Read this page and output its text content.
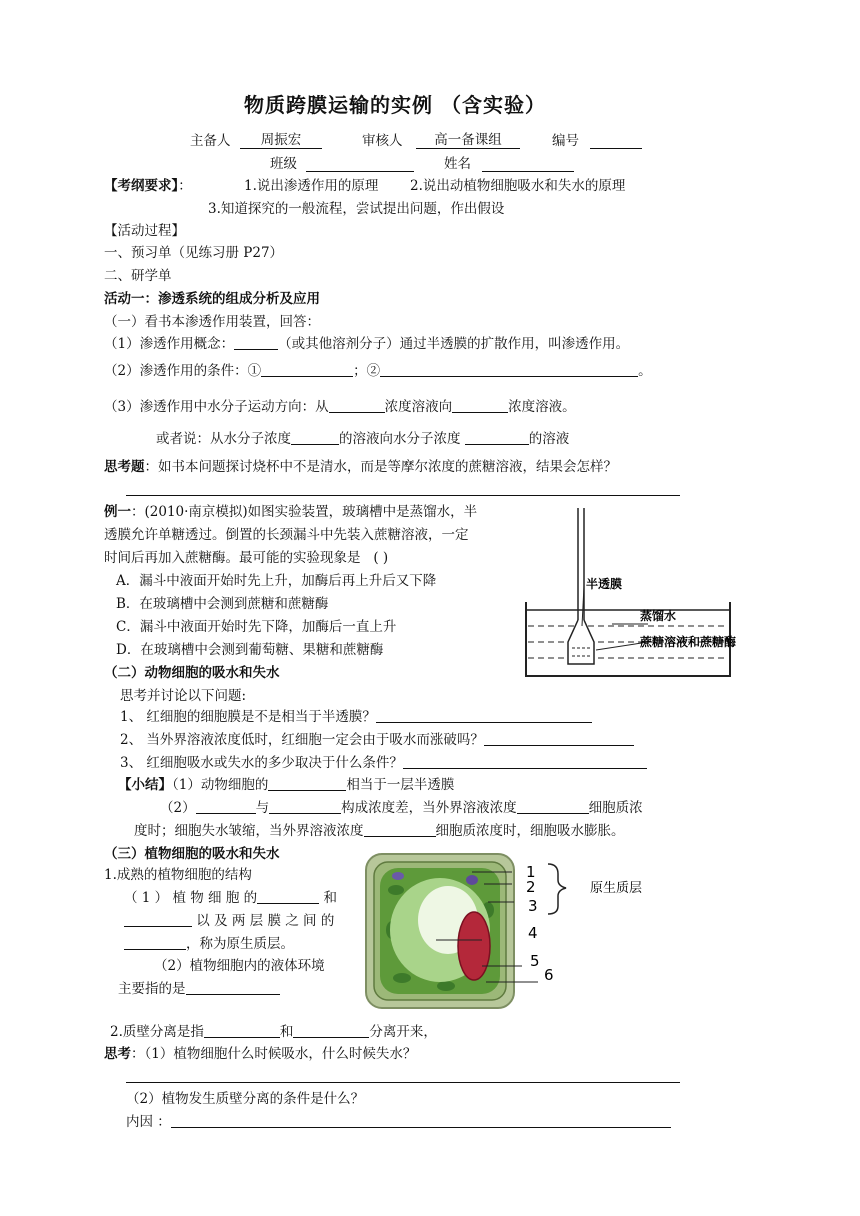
物质跨膜运输的实例 （含实验）
主备人	周振宏	审核人	高一备课组	编号
班级	姓名
【考纲要求】：	1.说出渗透作用的原理 2.说出动植物细胞吸水和失水的原理
3.知道探究的一般流程，尝试提出问题，作出假设
【活动过程】
一、预习单（见练习册 P27）
二、研学单
活动一：渗透系统的组成分析及应用
（一）看书本渗透作用装置，回答：
（1）渗透作用概念：	（或其他溶剂分子）通过半透膜的扩散作用，叫渗透作用。
（2）渗透作用的条件：①	；②	。
（3）渗透作用中水分子运动方向：从	浓度溶液向	浓度溶液。
或者说：从水分子浓度	的溶液向水分子浓度	的溶液
思考题：如书本问题探讨烧杯中不是清水，而是等摩尔浓度的蔗糖溶液，结果会怎样？
例一：(2010·南京模拟)如图实验装置，玻璃槽中是蒸馏水，半
透膜允许单糖透过。倒置的长颈漏斗中先装入蔗糖溶液，一定
时间后再加入蔗糖酶。最可能的实验现象是 ( )
A．漏斗中液面开始时先上升，加酶后再上升后又下降
B．在玻璃槽中会测到蔗糖和蔗糖酶
C．漏斗中液面开始时先下降，加酶后一直上升
D．在玻璃槽中会测到葡萄糖、果糖和蔗糖酶
半透膜
蒸馏水
蔗糖溶液和蔗糖酶
（二）动物细胞的吸水和失水
思考并讨论以下问题:
1、 红细胞的细胞膜是不是相当于半透膜？
2、 当外界溶液浓度低时，红细胞一定会由于吸水而涨破吗？
3、 红细胞吸水或失水的多少取决于什么条件？
【小结】（1）动物细胞的	相当于一层半透膜
（2）	与	构成浓度差，当外界溶液浓度	细胞质浓
度时；细胞失水皱缩，当外界溶液浓度	细胞质浓度时，细胞吸水膨胀。
（三）植物细胞的吸水和失水
1.成熟的植物细胞的结构
（ 1 ） 植 物 细 胞 的	和
以 及 两 层 膜 之 间 的
，称为原生质层。
（2）植物细胞内的液体环境
主要指的是
1
2
3
4
5
6
原生质层
2.质壁分离是指	和	分离开来，
思考：（1）植物细胞什么时候吸水，什么时候失水？
（2）植物发生质壁分离的条件是什么？
内因 ：
